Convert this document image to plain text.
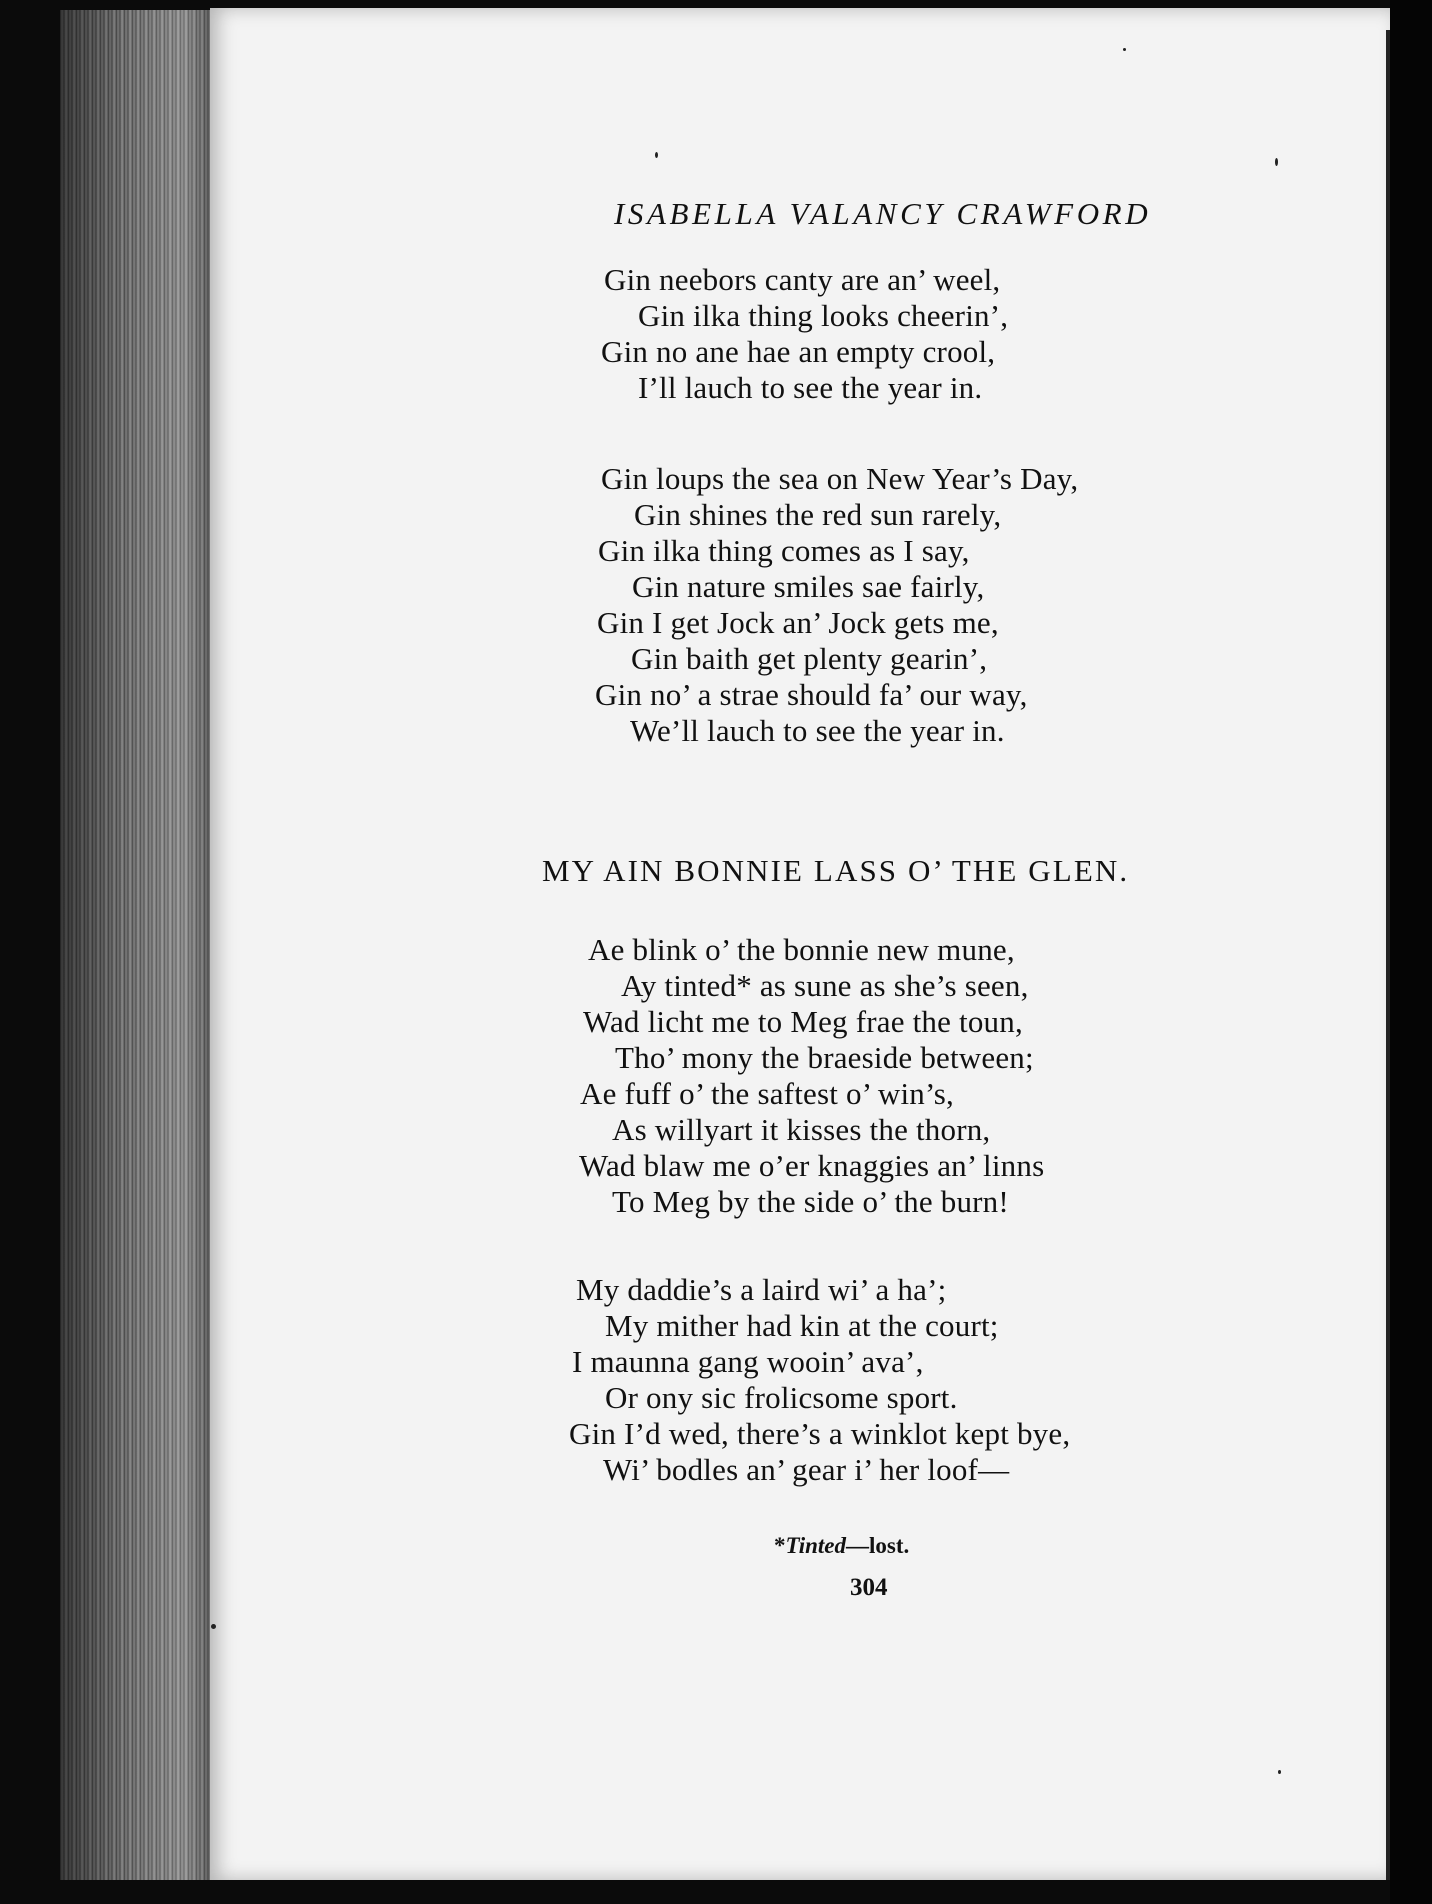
ISABELLA VALANCY CRAWFORD
Gin neebors canty are an’ weel,
Gin ilka thing looks cheerin’,
Gin no ane hae an empty crool,
I’ll lauch to see the year in.
Gin loups the sea on New Year’s Day,
Gin shines the red sun rarely,
Gin ilka thing comes as I say,
Gin nature smiles sae fairly,
Gin I get Jock an’ Jock gets me,
Gin baith get plenty gearin’,
Gin no’ a strae should fa’ our way,
We’ll lauch to see the year in.
MY AIN BONNIE LASS O’ THE GLEN.
Ae blink o’ the bonnie new mune,
Ay tinted* as sune as she’s seen,
Wad licht me to Meg frae the toun,
Tho’ mony the braeside between;
Ae fuff o’ the saftest o’ win’s,
As willyart it kisses the thorn,
Wad blaw me o’er knaggies an’ linns
To Meg by the side o’ the burn!
My daddie’s a laird wi’ a ha’;
My mither had kin at the court;
I maunna gang wooin’ ava’,
Or ony sic frolicsome sport.
Gin I’d wed, there’s a winklot kept bye,
Wi’ bodles an’ gear i’ her loof—
*Tinted—lost.
304
